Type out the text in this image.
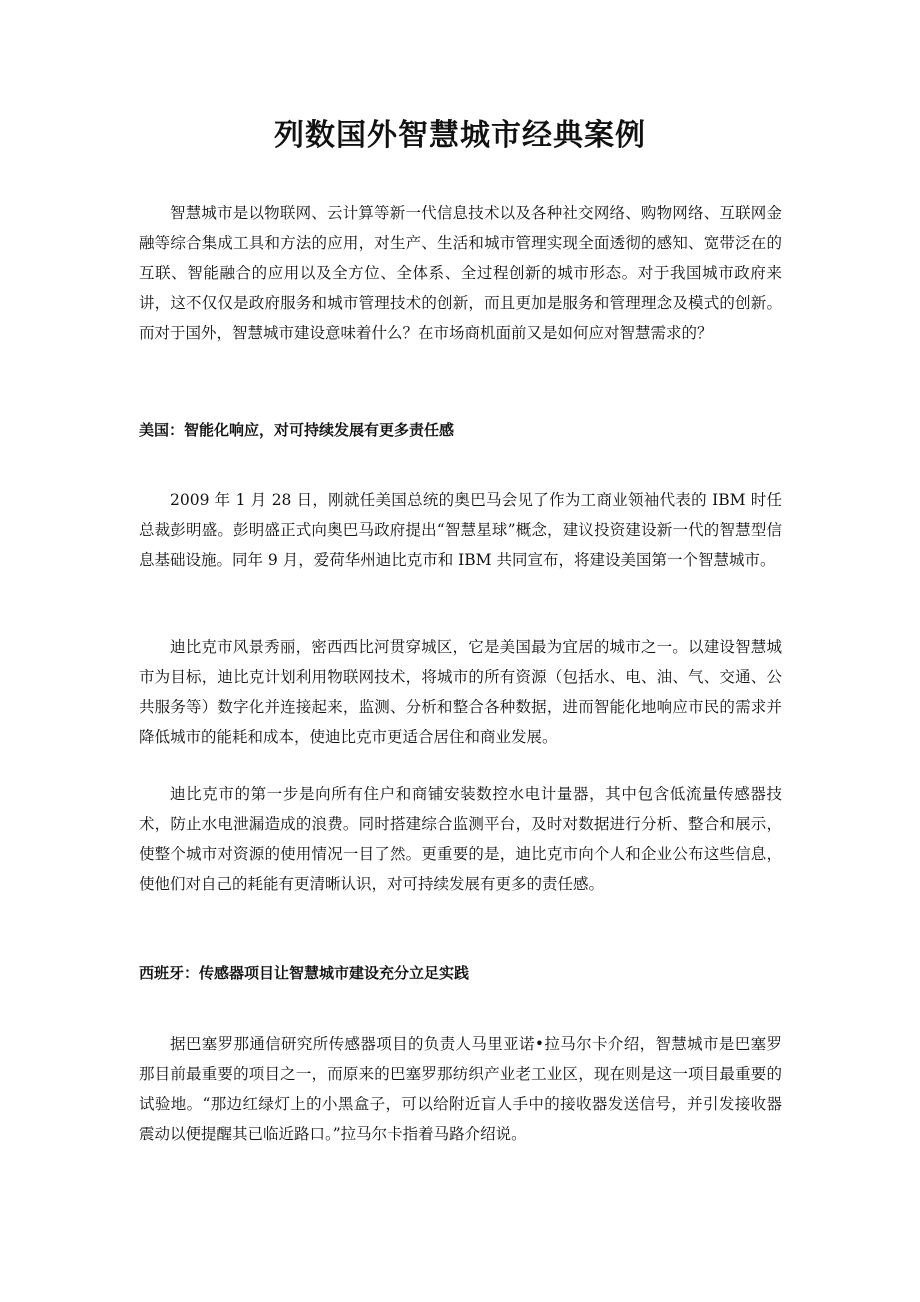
列数国外智慧城市经典案例

智慧城市是以物联网、云计算等新一代信息技术以及各种社交网络、购物网络、互联网金融等综合集成工具和方法的应用，对生产、生活和城市管理实现全面透彻的感知、宽带泛在的互联、智能融合的应用以及全方位、全体系、全过程创新的城市形态。对于我国城市政府来讲，这不仅仅是政府服务和城市管理技术的创新，而且更加是服务和管理理念及模式的创新。而对于国外，智慧城市建设意味着什么？在市场商机面前又是如何应对智慧需求的？

美国：智能化响应，对可持续发展有更多责任感

2009 年 1 月 28 日，刚就任美国总统的奥巴马会见了作为工商业领袖代表的 IBM 时任总裁彭明盛。彭明盛正式向奥巴马政府提出“智慧星球”概念，建议投资建设新一代的智慧型信息基础设施。同年 9 月，爱荷华州迪比克市和 IBM 共同宣布，将建设美国第一个智慧城市。

迪比克市风景秀丽，密西西比河贯穿城区，它是美国最为宜居的城市之一。以建设智慧城市为目标，迪比克计划利用物联网技术，将城市的所有资源（包括水、电、油、气、交通、公共服务等）数字化并连接起来，监测、分析和整合各种数据，进而智能化地响应市民的需求并降低城市的能耗和成本，使迪比克市更适合居住和商业发展。

迪比克市的第一步是向所有住户和商铺安装数控水电计量器，其中包含低流量传感器技术，防止水电泄漏造成的浪费。同时搭建综合监测平台，及时对数据进行分析、整合和展示，使整个城市对资源的使用情况一目了然。更重要的是，迪比克市向个人和企业公布这些信息，使他们对自己的耗能有更清晰认识，对可持续发展有更多的责任感。

西班牙：传感器项目让智慧城市建设充分立足实践

据巴塞罗那通信研究所传感器项目的负责人马里亚诺•拉马尔卡介绍，智慧城市是巴塞罗那目前最重要的项目之一，而原来的巴塞罗那纺织产业老工业区，现在则是这一项目最重要的试验地。“那边红绿灯上的小黑盒子，可以给附近盲人手中的接收器发送信号，并引发接收器震动以便提醒其已临近路口。”拉马尔卡指着马路介绍说。
